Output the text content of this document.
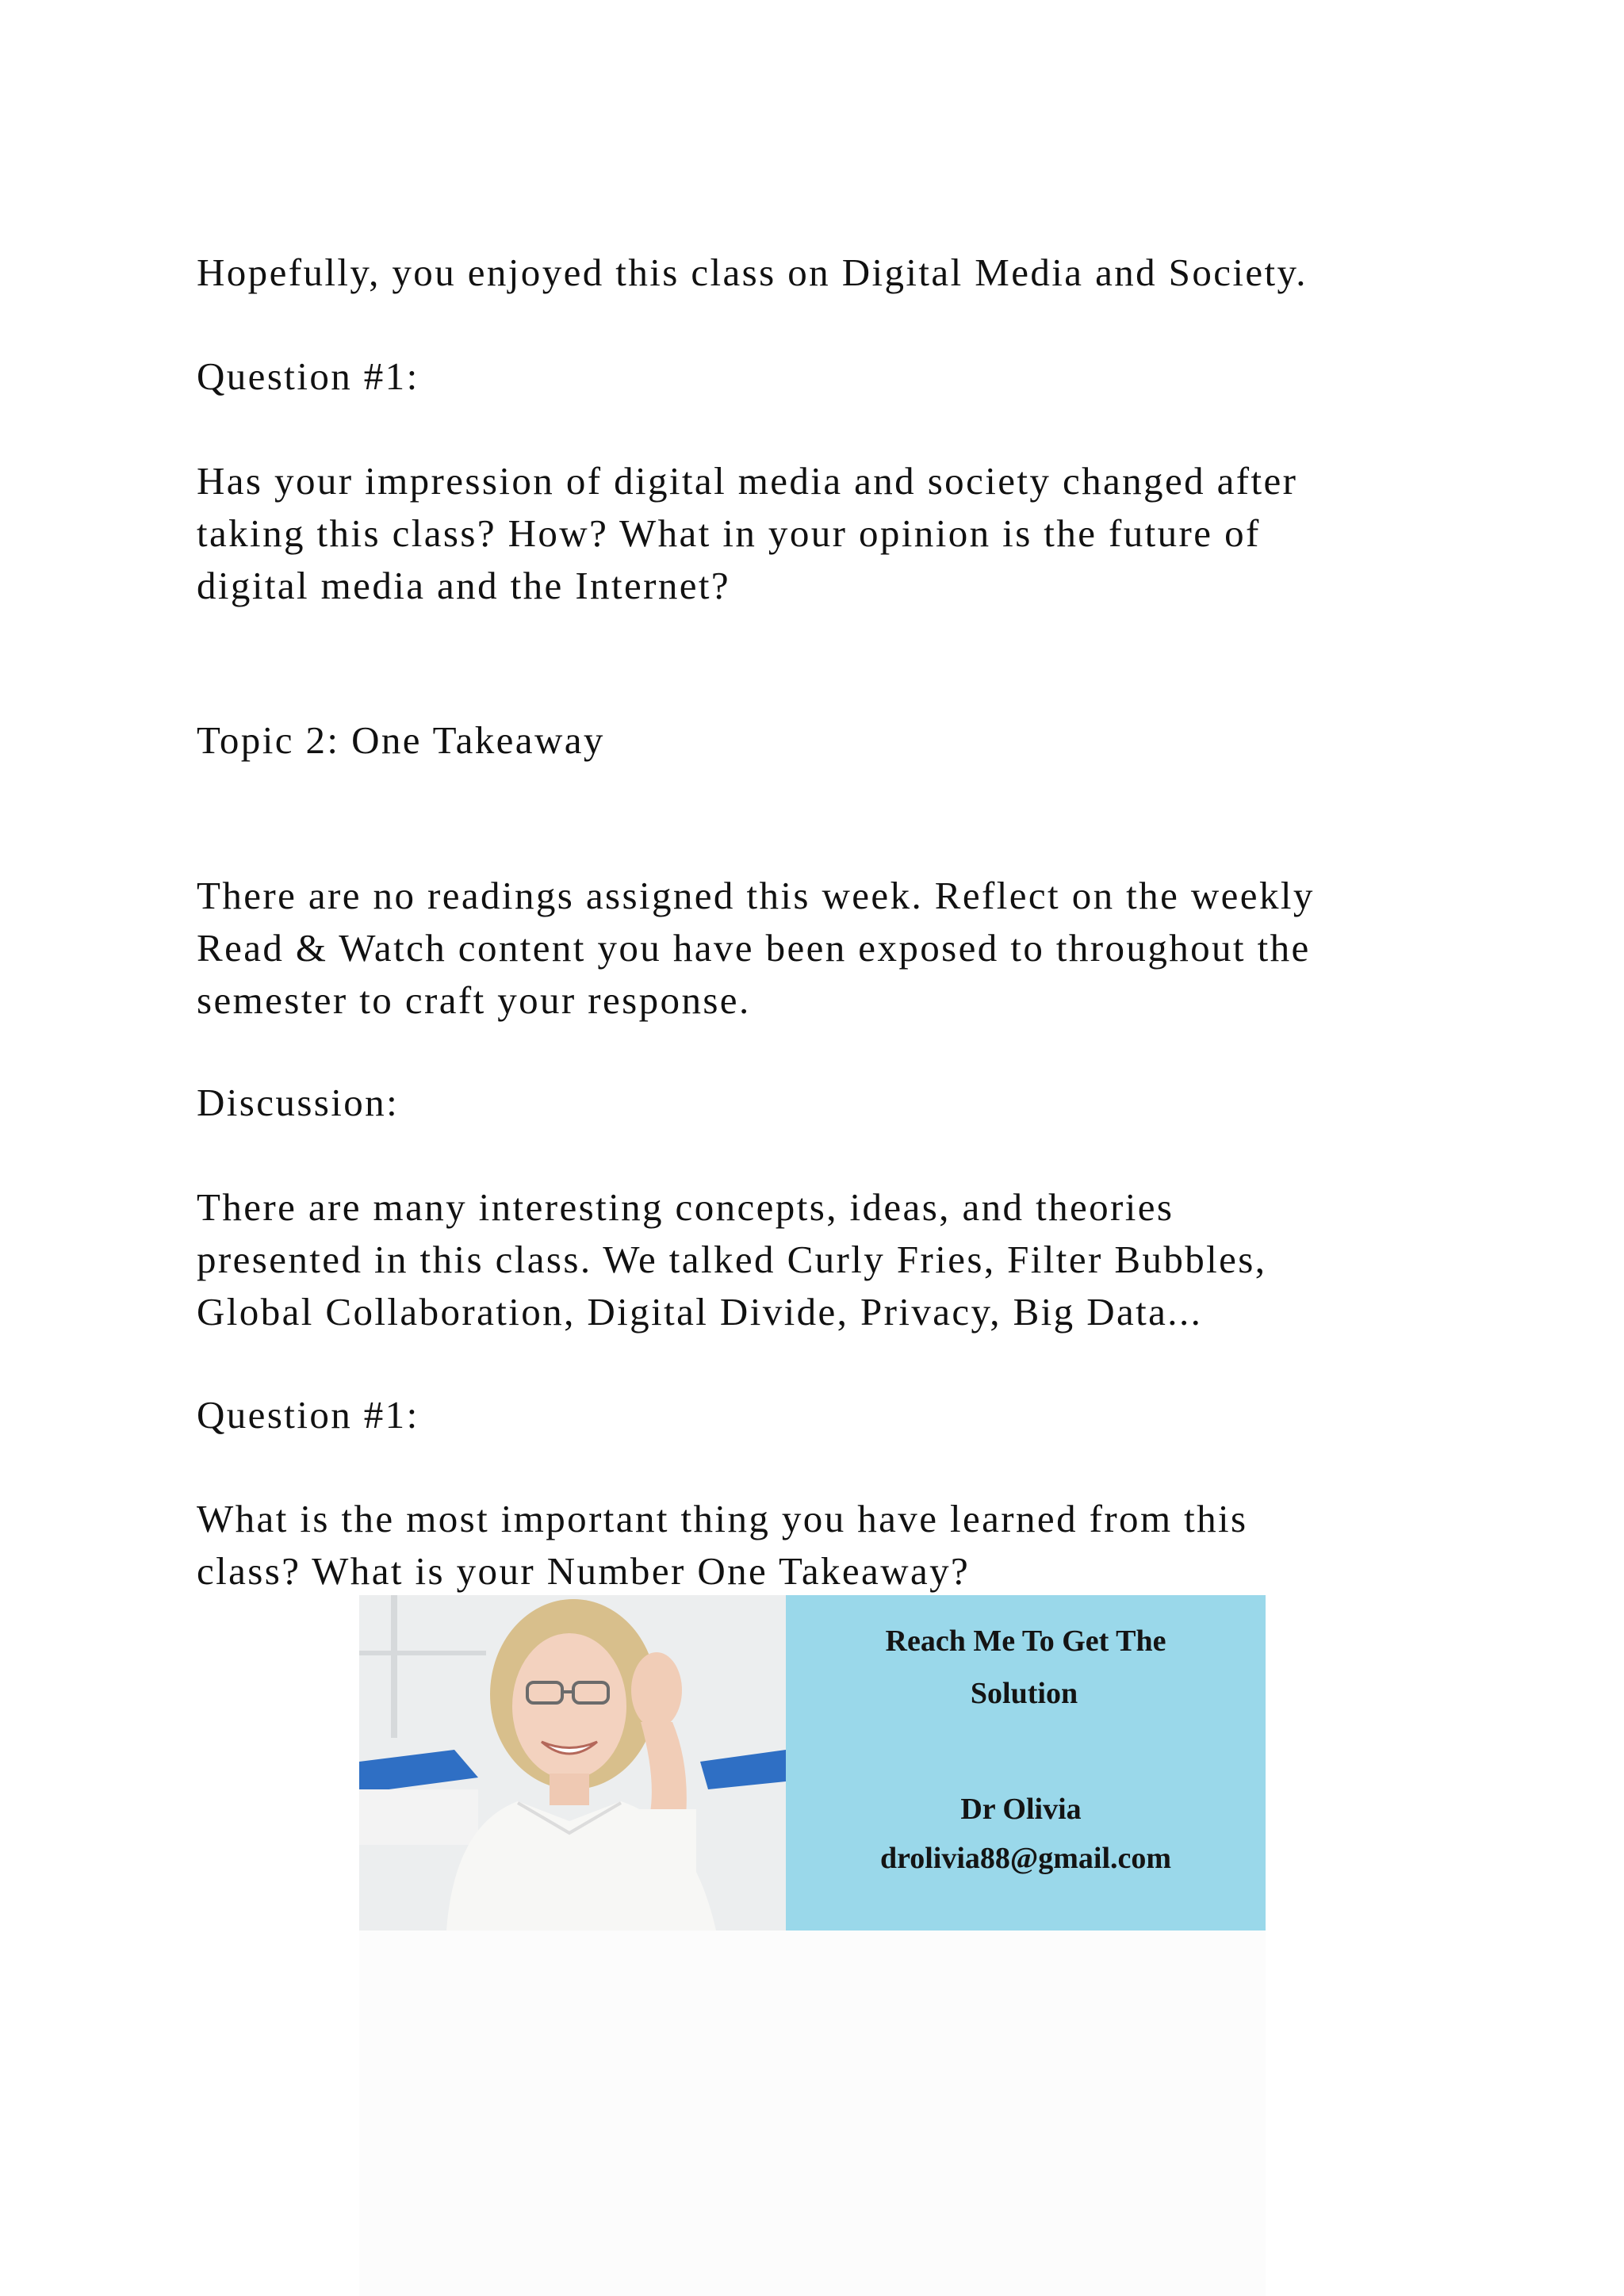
Hopefully, you enjoyed this class on Digital Media and Society.

Question #1:

Has your impression of digital media and society changed after
taking this class? How? What in your opinion is the future of
digital media and the Internet?

Topic 2: One Takeaway

There are no readings assigned this week. Reflect on the weekly
Read & Watch content you have been exposed to throughout the
semester to craft your response.

Discussion:

There are many interesting concepts, ideas, and theories
presented in this class. We talked Curly Fries, Filter Bubbles,
Global Collaboration, Digital Divide, Privacy, Big Data...

Question #1:

What is the most important thing you have learned from this
class? What is your Number One Takeaway?

Reach Me To Get The
Solution
Dr Olivia
drolivia88@gmail.com
